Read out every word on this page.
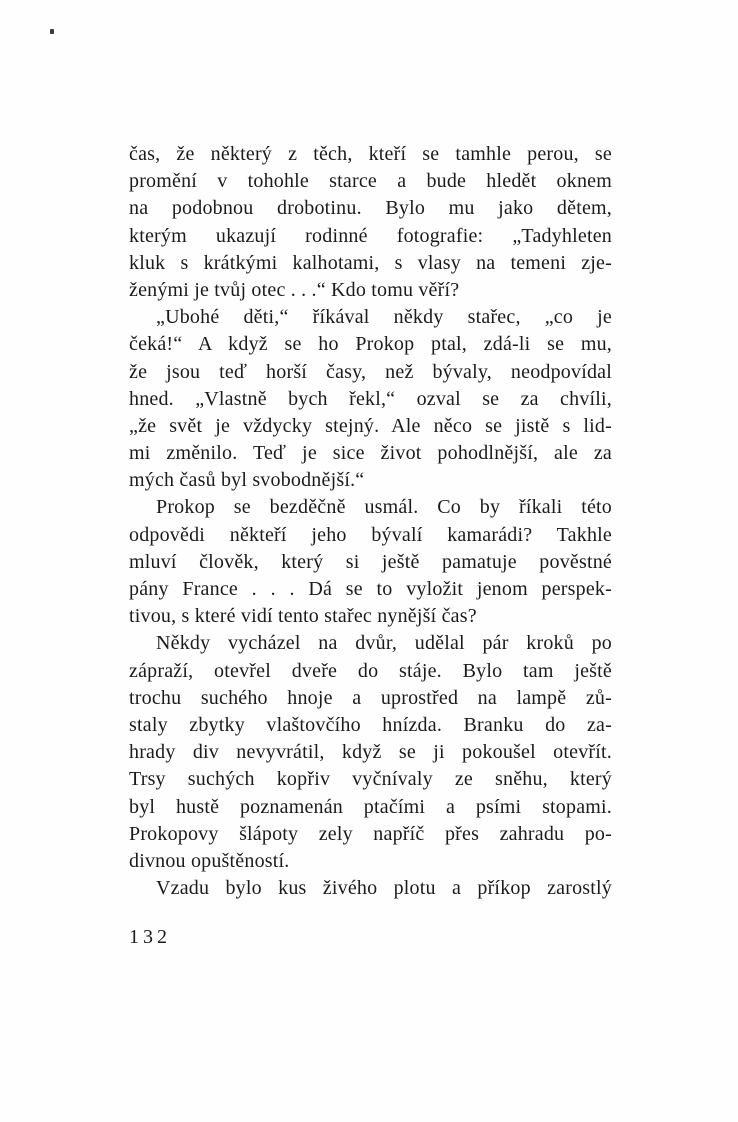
čas, že některý z těch, kteří se tamhle perou, se
promění v tohohle starce a bude hledět oknem
na podobnou drobotinu. Bylo mu jako dětem,
kterým ukazují rodinné fotografie: „Tadyhleten
kluk s krátkými kalhotami, s vlasy na temeni zje-
ženými je tvůj otec . . .“ Kdo tomu věří?
„Ubohé děti,“ říkával někdy stařec, „co je
čeká!“ A když se ho Prokop ptal, zdá-li se mu,
že jsou teď horší časy, než bývaly, neodpovídal
hned. „Vlastně bych řekl,“ ozval se za chvíli,
„že svět je vždycky stejný. Ale něco se jistě s lid-
mi změnilo. Teď je sice život pohodlnější, ale za
mých časů byl svobodnější.“
Prokop se bezděčně usmál. Co by říkali této
odpovědi někteří jeho bývalí kamarádi? Takhle
mluví člověk, který si ještě pamatuje pověstné
pány France . . . Dá se to vyložit jenom perspek-
tivou, s které vidí tento stařec nynější čas?
Někdy vycházel na dvůr, udělal pár kroků po
zápraží, otevřel dveře do stáje. Bylo tam ještě
trochu suchého hnoje a uprostřed na lampě zů-
staly zbytky vlaštovčího hnízda. Branku do za-
hrady div nevyvrátil, když se ji pokoušel otevřít.
Trsy suchých kopřiv vyčnívaly ze sněhu, který
byl hustě poznamenán ptačími a psími stopami.
Prokopovy šlápoty zely napříč přes zahradu po-
divnou opuštěností.
Vzadu bylo kus živého plotu a příkop zarostlý
132
